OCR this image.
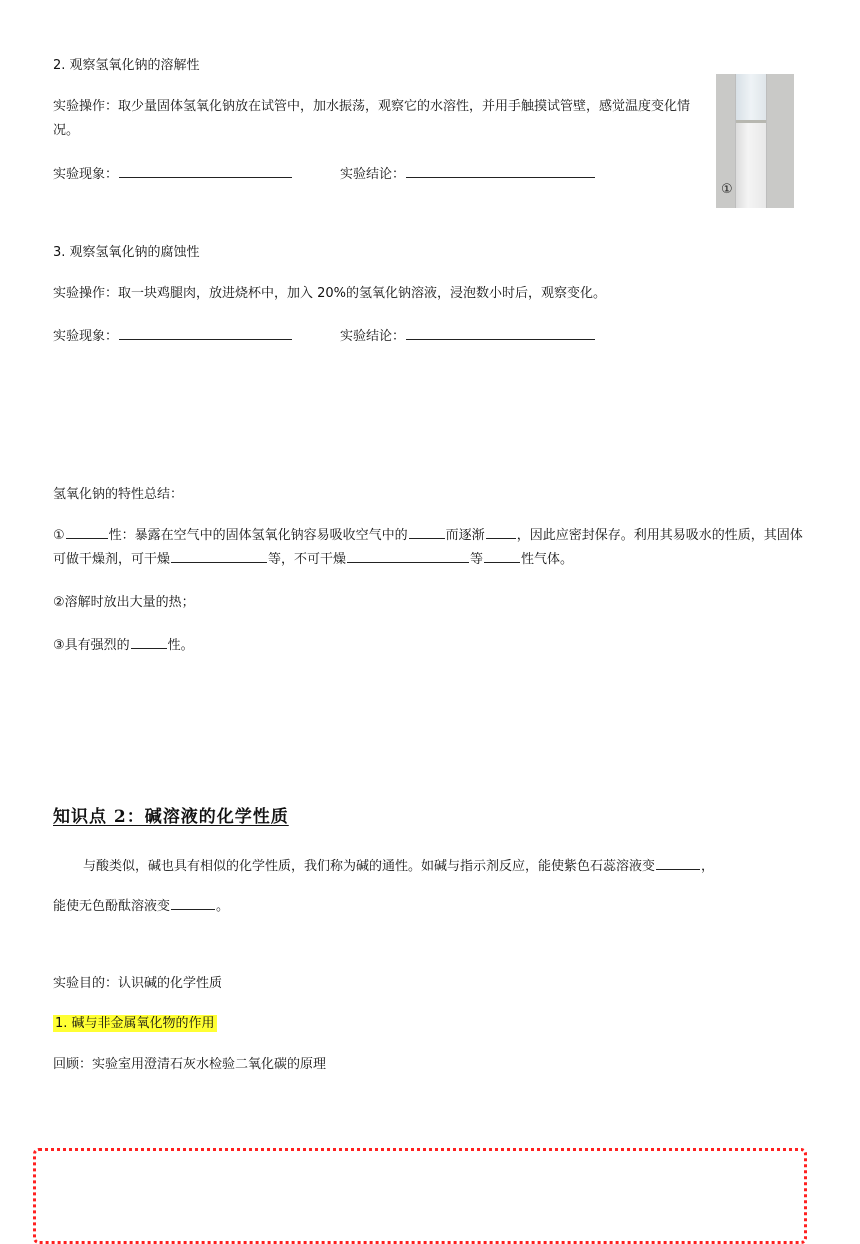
2. 观察氢氧化钠的溶解性
实验操作：取少量固体氢氧化钠放在试管中，加水振荡，观察它的水溶性，并用手触摸试管壁，感觉温度变化情况。
实验现象：	实验结论：
①
3. 观察氢氧化钠的腐蚀性
实验操作：取一块鸡腿肉，放进烧杯中，加入 20%的氢氧化钠溶液，浸泡数小时后，观察变化。
实验现象：	实验结论：
氢氧化钠的特性总结：
①	性：暴露在空气中的固体氢氧化钠容易吸收空气中的	而逐渐 ，因此应密封保存。利用其易吸水的性质，其固体可做干燥剂，可干燥	等，不可干燥	等	性气体。
②溶解时放出大量的热；
③具有强烈的	性。
知识点 2：碱溶液的化学性质
与酸类似，碱也具有相似的化学性质，我们称为碱的通性。如碱与指示剂反应，能使紫色石蕊溶液变	，
能使无色酚酞溶液变	。
实验目的：认识碱的化学性质
1. 碱与非金属氧化物的作用
回顾：实验室用澄清石灰水检验二氧化碳的原理
